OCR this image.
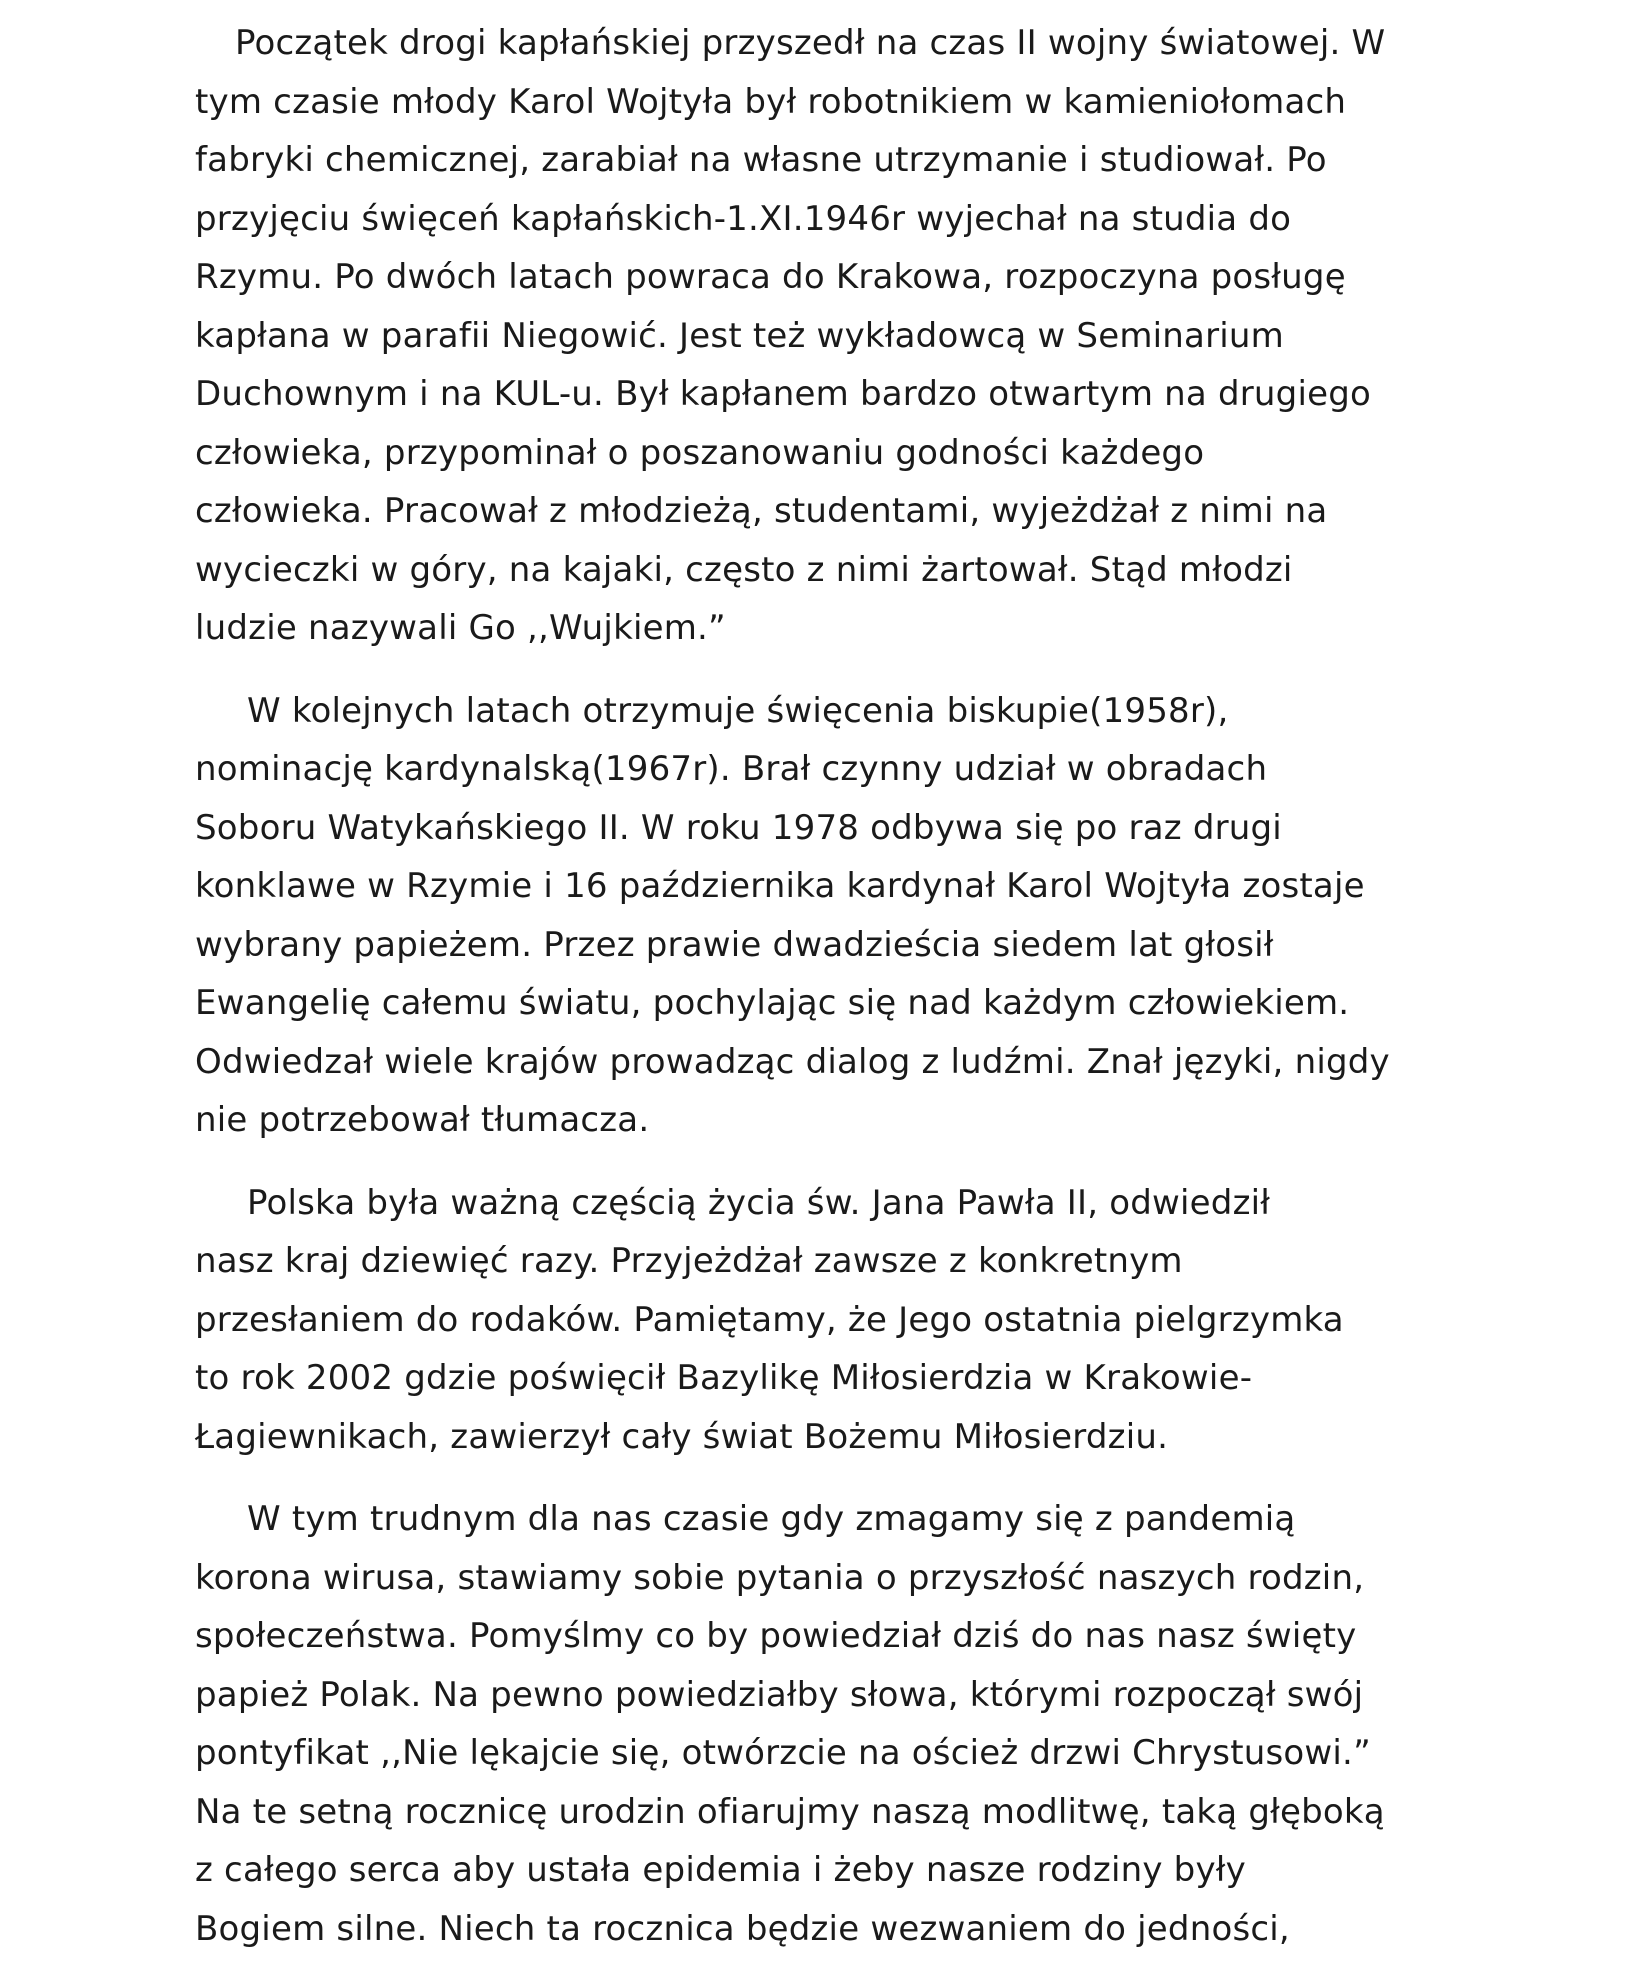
Początek drogi kapłańskiej przyszedł na czas II wojny światowej. W
tym czasie młody Karol Wojtyła był robotnikiem w kamieniołomach
fabryki chemicznej, zarabiał na własne utrzymanie i studiował. Po
przyjęciu święceń kapłańskich-1.XI.1946r wyjechał na studia do
Rzymu. Po dwóch latach powraca do Krakowa, rozpoczyna posługę
kapłana w parafii Niegowić. Jest też wykładowcą w Seminarium
Duchownym i na KUL-u. Był kapłanem bardzo otwartym na drugiego
człowieka, przypominał o poszanowaniu godności każdego
człowieka. Pracował z młodzieżą, studentami, wyjeżdżał z nimi na
wycieczki w góry, na kajaki, często z nimi żartował. Stąd młodzi
ludzie nazywali Go ,,Wujkiem.”
W kolejnych latach otrzymuje święcenia biskupie(1958r),
nominację kardynalską(1967r). Brał czynny udział w obradach
Soboru Watykańskiego II. W roku 1978 odbywa się po raz drugi
konklawe w Rzymie i 16 października kardynał Karol Wojtyła zostaje
wybrany papieżem. Przez prawie dwadzieścia siedem lat głosił
Ewangelię całemu światu, pochylając się nad każdym człowiekiem.
Odwiedzał wiele krajów prowadząc dialog z ludźmi. Znał języki, nigdy
nie potrzebował tłumacza.
Polska była ważną częścią życia św. Jana Pawła II, odwiedził
nasz kraj dziewięć razy. Przyjeżdżał zawsze z konkretnym
przesłaniem do rodaków. Pamiętamy, że Jego ostatnia pielgrzymka
to rok 2002 gdzie poświęcił Bazylikę Miłosierdzia w Krakowie-
Łagiewnikach, zawierzył cały świat Bożemu Miłosierdziu.
W tym trudnym dla nas czasie gdy zmagamy się z pandemią
korona wirusa, stawiamy sobie pytania o przyszłość naszych rodzin,
społeczeństwa. Pomyślmy co by powiedział dziś do nas nasz święty
papież Polak. Na pewno powiedziałby słowa, którymi rozpoczął swój
pontyfikat ,,Nie lękajcie się, otwórzcie na oścież drzwi Chrystusowi.”
Na te setną rocznicę urodzin ofiarujmy naszą modlitwę, taką głęboką
z całego serca aby ustała epidemia i żeby nasze rodziny były
Bogiem silne. Niech ta rocznica będzie wezwaniem do jedności,
